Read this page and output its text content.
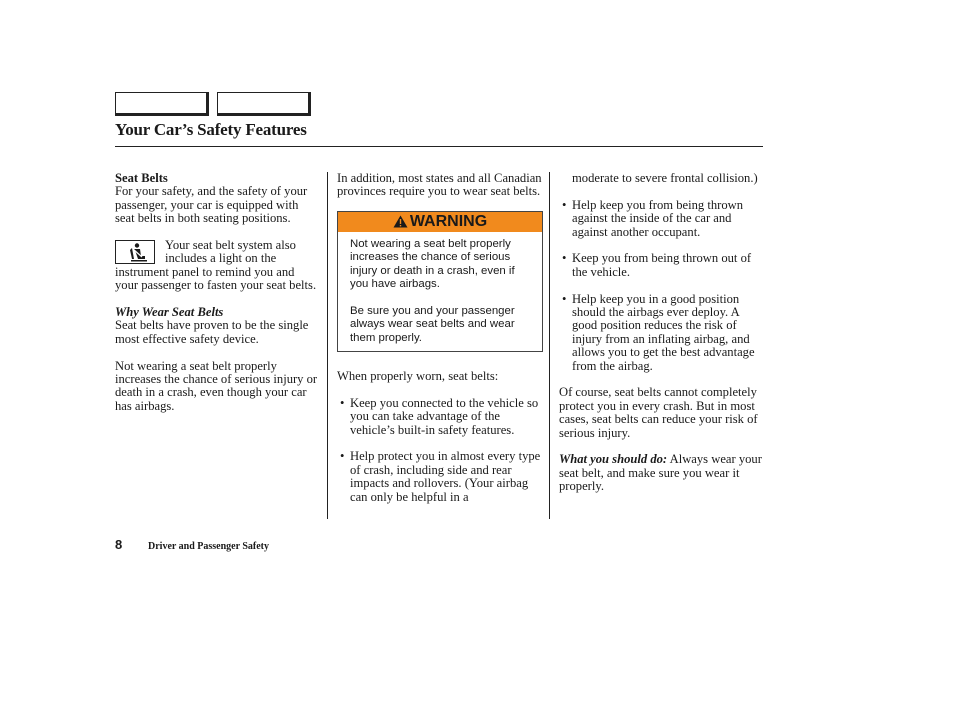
Your Car’s Safety Features
Seat Belts

For your safety, and the safety of your passenger, your car is equipped with seat belts in both seating positions.

Your seat belt system also includes a light on the instrument panel to remind you and your passenger to fasten your seat belts.
Why Wear Seat Belts

Seat belts have proven to be the single most effective safety device.

Not wearing a seat belt properly increases the chance of serious injury or death in a crash, even though your car has airbags.

In addition, most states and all Canadian provinces require you to wear seat belts.

WARNING

Not wearing a seat belt properly increases the chance of serious injury or death in a crash, even if you have airbags.

Be sure you and your passenger always wear seat belts and wear them properly.

When properly worn, seat belts:

• Keep you connected to the vehicle so you can take advantage of the vehicle’s built-in safety features.
• Help protect you in almost every type of crash, including side and rear impacts and rollovers. (Your airbag can only be helpful in a
moderate to severe frontal collision.)
• Help keep you from being thrown against the inside of the car and against another occupant.
• Keep you from being thrown out of the vehicle.
• Help keep you in a good position should the airbags ever deploy. A good position reduces the risk of injury from an inflating airbag, and allows you to get the best advantage from the airbag.

Of course, seat belts cannot completely protect you in every crash. But in most cases, seat belts can reduce your risk of serious injury.

What you should do: Always wear your seat belt, and make sure you wear it properly.

8	Driver and Passenger Safety
